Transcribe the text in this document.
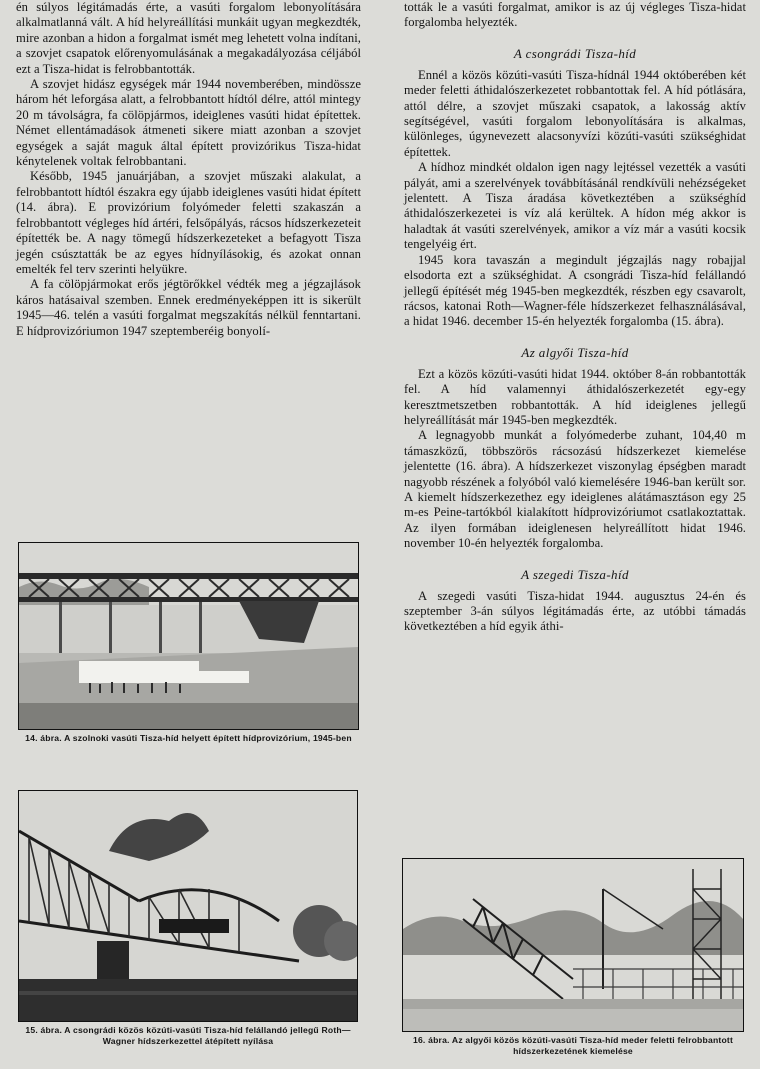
én súlyos légitámadás érte, a vasúti forgalom lebonyolítására alkalmatlanná vált. A híd helyreállítási munkáit ugyan megkezdték, mire azonban a hidon a forgalmat ismét meg lehetett volna indítani, a szovjet csapatok előrenyomulásának a megakadályozása céljából ezt a Tisza-hidat is felrobbantották.

A szovjet hidász egységek már 1944 novemberében, mindössze három hét leforgása alatt, a felrobbantott hídtól délre, attól mintegy 20 m távolságra, fa cölöpjármos, ideiglenes vasúti hidat építettek. Német ellentámadások átmeneti sikere miatt azonban a szovjet egységek a saját maguk által épített provizórikus Tisza-hidat kénytelenek voltak felrobbantani.

Később, 1945 januárjában, a szovjet műszaki alakulat, a felrobbantott hídtól északra egy újabb ideiglenes vasúti hidat épített (14. ábra). E provizórium folyómeder feletti szakaszán a felrobbantott végleges híd ártéri, felsőpályás, rácsos hídszerkezeteit építették be. A nagy tömegű hídszerkezeteket a befagyott Tisza jegén csúsztatták be az egyes hídnyílásokig, és azokat onnan emelték fel terv szerinti helyükre.

A fa cölöpjármokat erős jégtörőkkel védték meg a jégzajlások káros hatásaival szemben. Ennek eredményeképpen itt is sikerült 1945—46. telén a vasúti forgalmat megszakítás nélkül fenntartani. E hídprovizóriumon 1947 szeptemberéig bonyolí-

tották le a vasúti forgalmat, amikor is az új végleges Tisza-hidat forgalomba helyezték.

A csongrádi Tisza-híd

Ennél a közös közúti-vasúti Tisza-hídnál 1944 októberében két meder feletti áthidalószerkezetet robbantottak fel. A híd pótlására, attól délre, a szovjet műszaki csapatok, a lakosság aktív segítségével, vasúti forgalom lebonyolítására is alkalmas, különleges, úgynevezett alacsonyvízi közúti-vasúti szükséghidat építettek.

A hídhoz mindkét oldalon igen nagy lejtéssel vezették a vasúti pályát, ami a szerelvények továbbításánál rendkívüli nehézségeket jelentett. A Tisza áradása következtében a szükséghíd áthidalószerkezetei is víz alá kerültek. A hídon még akkor is haladtak át vasúti szerelvények, amikor a víz már a vasúti kocsik tengelyéig ért.

1945 kora tavaszán a megindult jégzajlás nagy robajjal elsodorta ezt a szükséghidat. A csongrádi Tisza-híd felállandó jellegű építését még 1945-ben megkezdték, részben egy csavarolt, rácsos, katonai Roth—Wagner-féle hídszerkezet felhasználásával, a hidat 1946. december 15-én helyezték forgalomba (15. ábra).

Az algyői Tisza-híd

Ezt a közös közúti-vasúti hidat 1944. október 8-án robbantották fel. A híd valamennyi áthidalószerkezetét egy-egy keresztmetszetben robbantották. A híd ideiglenes jellegű helyreállítását már 1945-ben megkezdték.

A legnagyobb munkát a folyómederbe zuhant, 104,40 m támaszközű, többszörös rácsozású hídszerkezet kiemelése jelentette (16. ábra). A hídszerkezet viszonylag épségben maradt nagyobb részének a folyóból való kiemelésére 1946-ban került sor. A kiemelt hídszerkezethez egy ideiglenes alátámasztáson egy 25 m-es Peine-tartókból kialakított hídprovizóriumot csatlakoztattak. Az ilyen formában ideiglenesen helyreállított hidat 1946. november 10-én helyezték forgalomba.

A szegedi Tisza-híd

A szegedi vasúti Tisza-hidat 1944. augusztus 24-én és szeptember 3-án súlyos légitámadás érte, az utóbbi támadás következtében a híd egyik áthi-

14. ábra. A szolnoki vasúti Tisza-híd helyett épített hídprovizórium, 1945-ben
15. ábra. A csongrádi közös közúti-vasúti Tisza-híd felállandó jellegű Roth—Wagner hídszerkezettel átépített nyílása	16. ábra. Az algyői közös közúti-vasúti Tisza-híd meder feletti felrobbantott hídszerkezetének kiemelése
